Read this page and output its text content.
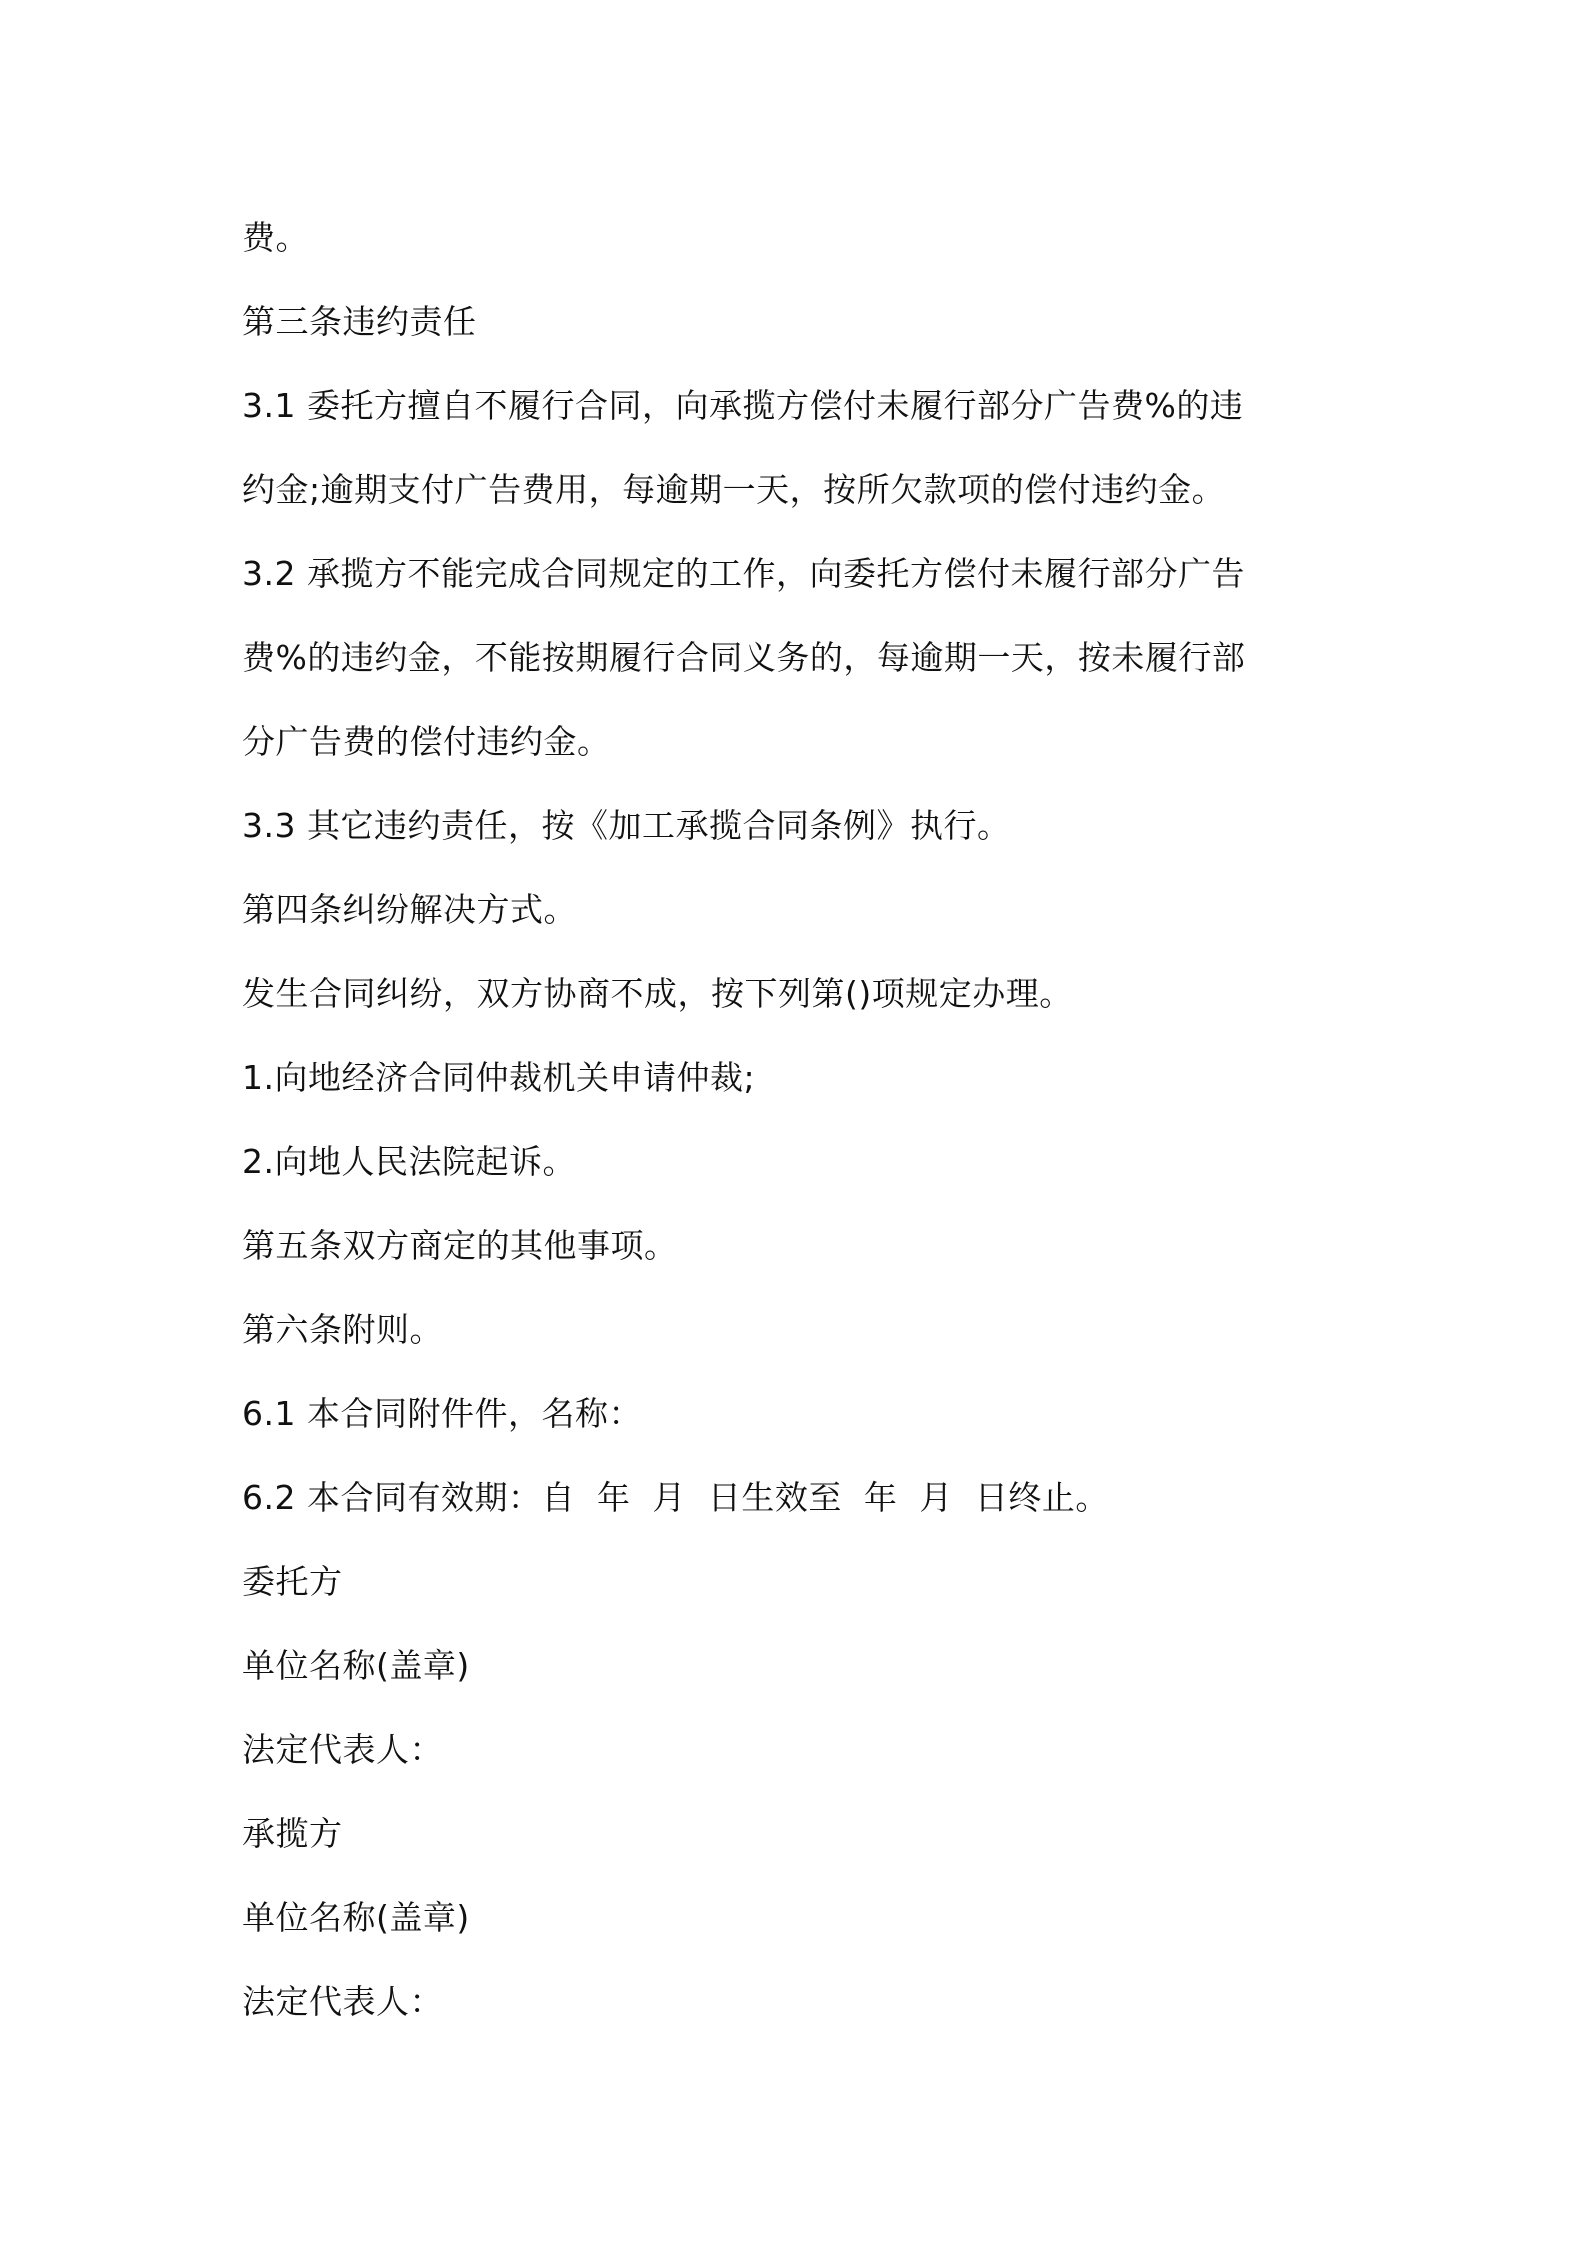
费。

第三条违约责任

3.1 委托方擅自不履行合同，向承揽方偿付未履行部分广告费%的违

约金;逾期支付广告费用，每逾期一天，按所欠款项的偿付违约金。

3.2 承揽方不能完成合同规定的工作，向委托方偿付未履行部分广告

费%的违约金，不能按期履行合同义务的，每逾期一天，按未履行部

分广告费的偿付违约金。

3.3 其它违约责任，按《加工承揽合同条例》执行。

第四条纠纷解决方式。

发生合同纠纷，双方协商不成，按下列第()项规定办理。

1.向地经济合同仲裁机关申请仲裁;

2.向地人民法院起诉。

第五条双方商定的其他事项。

第六条附则。

6.1 本合同附件件，名称：

6.2 本合同有效期：自  年  月  日生效至  年  月  日终止。

委托方

单位名称(盖章)

法定代表人：

承揽方

单位名称(盖章)

法定代表人：
